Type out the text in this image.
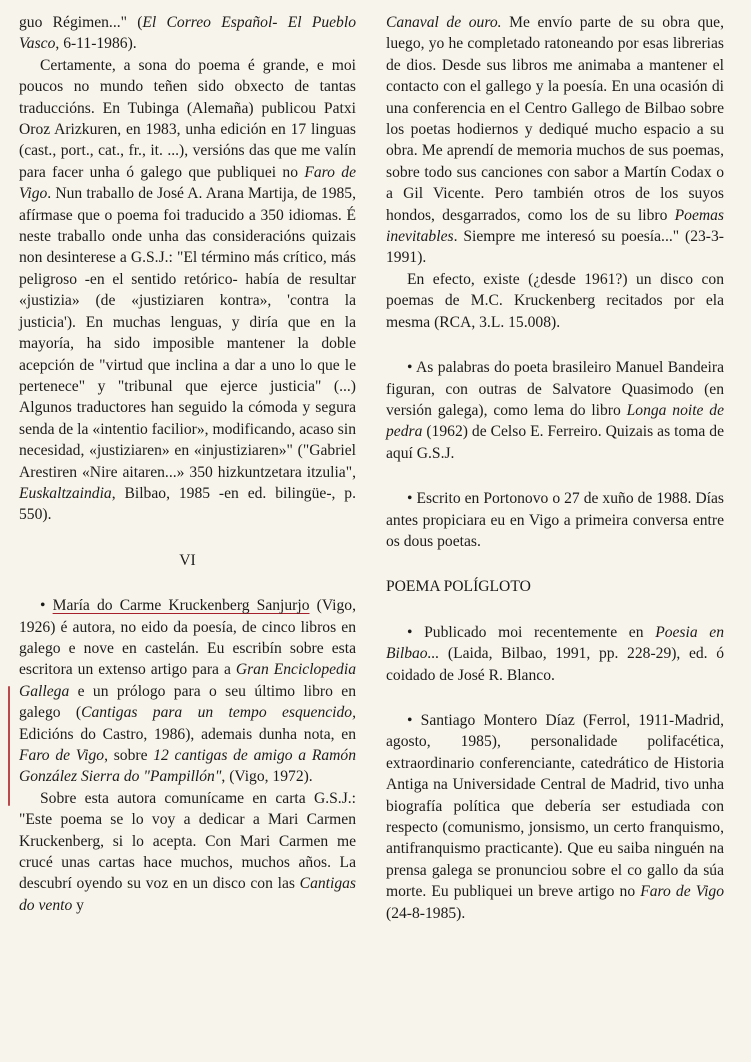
guo Régimen..." (El Correo Español- El Pueblo Vasco, 6-11-1986).

Certamente, a sona do poema é grande, e moi poucos no mundo teñen sido obxecto de tantas traduccións. En Tubinga (Alemaña) publicou Patxi Oroz Arizkuren, en 1983, unha edición en 17 linguas (cast., port., cat., fr., it. ...), versións das que me valín para facer unha ó galego que publiquei no Faro de Vigo. Nun traballo de José A. Arana Martija, de 1985, afírmase que o poema foi traducido a 350 idiomas. É neste traballo onde unha das consideracións quizais non desinterese a G.S.J.: "El término más crítico, más peligroso -en el sentido retórico- había de resultar «justizia» (de «justiziaren kontra», 'contra la justicia'). En muchas lenguas, y diría que en la mayoría, ha sido imposible mantener la doble acepción de "virtud que inclina a dar a uno lo que le pertenece" y "tribunal que ejerce justicia" (...) Algunos traductores han seguido la cómoda y segura senda de la «intentio facilior», modificando, acaso sin necesidad, «justiziaren» en «injustiziaren»" ("Gabriel Arestiren «Nire aitaren...» 350 hizkuntzetara itzulia", Euskaltzaindia, Bilbao, 1985 -en ed. bilingüe-, p. 550).

VI

• María do Carme Kruckenberg Sanjurjo (Vigo, 1926) é autora, no eido da poesía, de cinco libros en galego e nove en castelán. Eu escribín sobre esta escritora un extenso artigo para a Gran Enciclopedia Gallega e un prólogo para o seu último libro en galego (Cantigas para un tempo esquencido, Edicións do Castro, 1986), ademais dunha nota, en Faro de Vigo, sobre 12 cantigas de amigo a Ramón González Sierra do "Pampillón", (Vigo, 1972).

Sobre esta autora comunícame en carta G.S.J.: "Este poema se lo voy a dedicar a Mari Carmen Kruckenberg, si lo acepta. Con Mari Carmen me crucé unas cartas hace muchos, muchos años. La descubrí oyendo su voz en un disco con las Cantigas do vento y

Canaval de ouro. Me envío parte de su obra que, luego, yo he completado ratoneando por esas librerias de dios. Desde sus libros me animaba a mantener el contacto con el gallego y la poesía. En una ocasión di una conferencia en el Centro Gallego de Bilbao sobre los poetas hodiernos y dediqué mucho espacio a su obra. Me aprendí de memoria muchos de sus poemas, sobre todo sus canciones con sabor a Martín Codax o a Gil Vicente. Pero también otros de los suyos hondos, desgarrados, como los de su libro Poemas inevitables. Siempre me interesó su poesía..." (23-3-1991).

En efecto, existe (¿desde 1961?) un disco con poemas de M.C. Kruckenberg recitados por ela mesma (RCA, 3.L. 15.008).

• As palabras do poeta brasileiro Manuel Bandeira figuran, con outras de Salvatore Quasimodo (en versión galega), como lema do libro Longa noite de pedra (1962) de Celso E. Ferreiro. Quizais as toma de aquí G.S.J.

• Escrito en Portonovo o 27 de xuño de 1988. Días antes propiciara eu en Vigo a primeira conversa entre os dous poetas.

POEMA POLÍGLOTO

• Publicado moi recentemente en Poesia en Bilbao... (Laida, Bilbao, 1991, pp. 228-29), ed. ó coidado de José R. Blanco.

• Santiago Montero Díaz (Ferrol, 1911-Madrid, agosto, 1985), personalidade polifacética, extraordinario conferenciante, catedrático de Historia Antiga na Universidade Central de Madrid, tivo unha biografía política que debería ser estudiada con respecto (comunismo, jonsismo, un certo franquismo, antifranquismo practicante). Que eu saiba ninguén na prensa galega se pronunciou sobre el co gallo da súa morte. Eu publiquei un breve artigo no Faro de Vigo (24-8-1985).
